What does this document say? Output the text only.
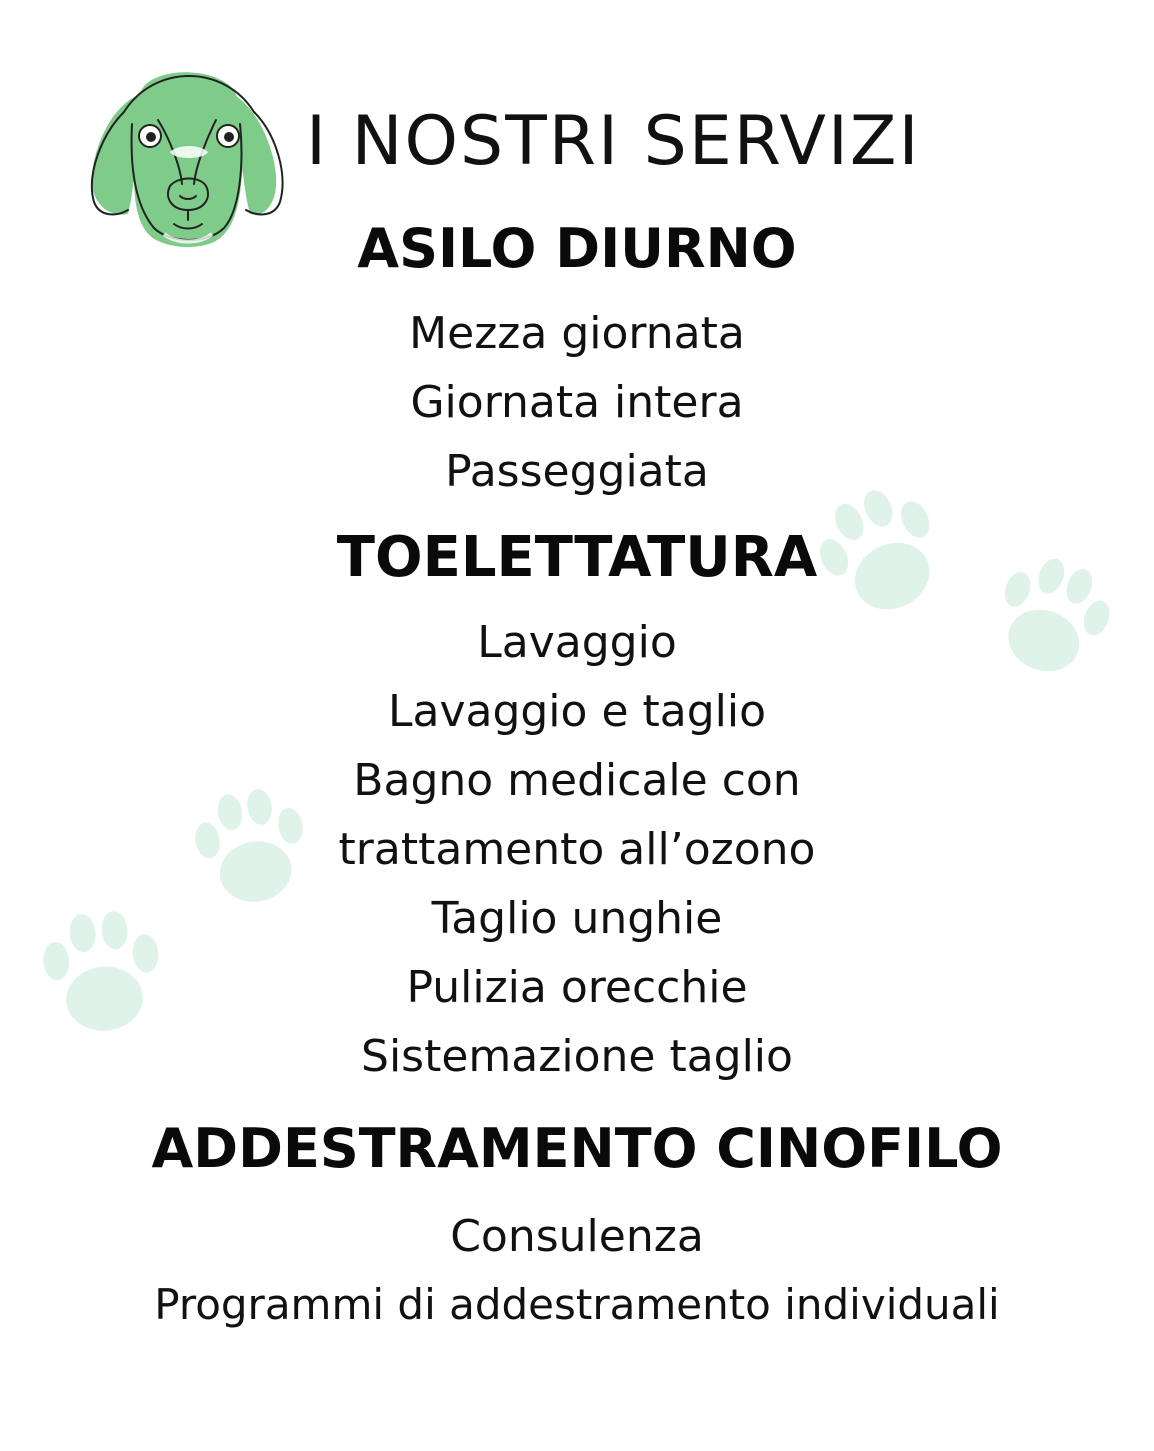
I NOSTRI SERVIZI
ASILO DIURNO
Mezza giornata
Giornata intera
Passeggiata
TOELETTATURA
Lavaggio
Lavaggio e taglio
Bagno medicale con
trattamento all’ozono
Taglio unghie
Pulizia orecchie
Sistemazione taglio
ADDESTRAMENTO CINOFILO
Consulenza
Programmi di addestramento individuali
